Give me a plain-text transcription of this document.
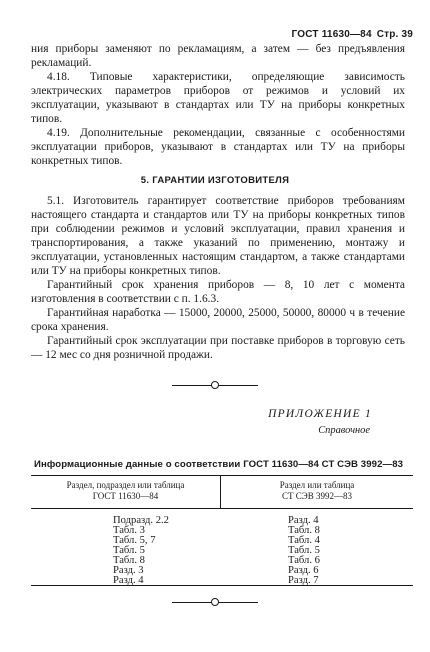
ГОСТ 11630—84 Стр. 39
ния приборы заменяют по рекламациям, а затем — без предъявления рекламаций.
4.18. Типовые характеристики, определяющие зависимость электрических параметров приборов от режимов и условий их эксплуатации, указывают в стандартах или ТУ на приборы конкретных типов.
4.19. Дополнительные рекомендации, связанные с особенностями эксплуатации приборов, указывают в стандартах или ТУ на приборы конкретных типов.
5. ГАРАНТИИ ИЗГОТОВИТЕЛЯ
5.1. Изготовитель гарантирует соответствие приборов требованиям настоящего стандарта и стандартов или ТУ на приборы конкретных типов при соблюдении режимов и условий эксплуатации, правил хранения и транспортирования, а также указаний по применению, монтажу и эксплуатации, установленных настоящим стандартом, а также стандартами или ТУ на приборы конкретных типов.
Гарантийный срок хранения приборов — 8, 10 лет с момента изготовления в соответствии с п. 1.6.3.
Гарантийная наработка — 15000, 20000, 25000, 50000, 80000 ч в течение срока хранения.
Гарантийный срок эксплуатации при поставке приборов в торговую сеть — 12 мес со дня розничной продажи.
ПРИЛОЖЕНИЕ 1
Справочное
Информационные данные о соответствии ГОСТ 11630—84 СТ СЭВ 3992—83
Раздел, подраздел или таблица
ГОСТ 11630—84
Раздел или таблица
СТ СЭВ 3992—83
Подразд. 2.2
Табл. 3
Табл. 5, 7
Табл. 5
Табл. 8
Разд. 3
Разд. 4
Разд. 4
Табл. 8
Табл. 4
Табл. 5
Табл. 6
Разд. 6
Разд. 7
